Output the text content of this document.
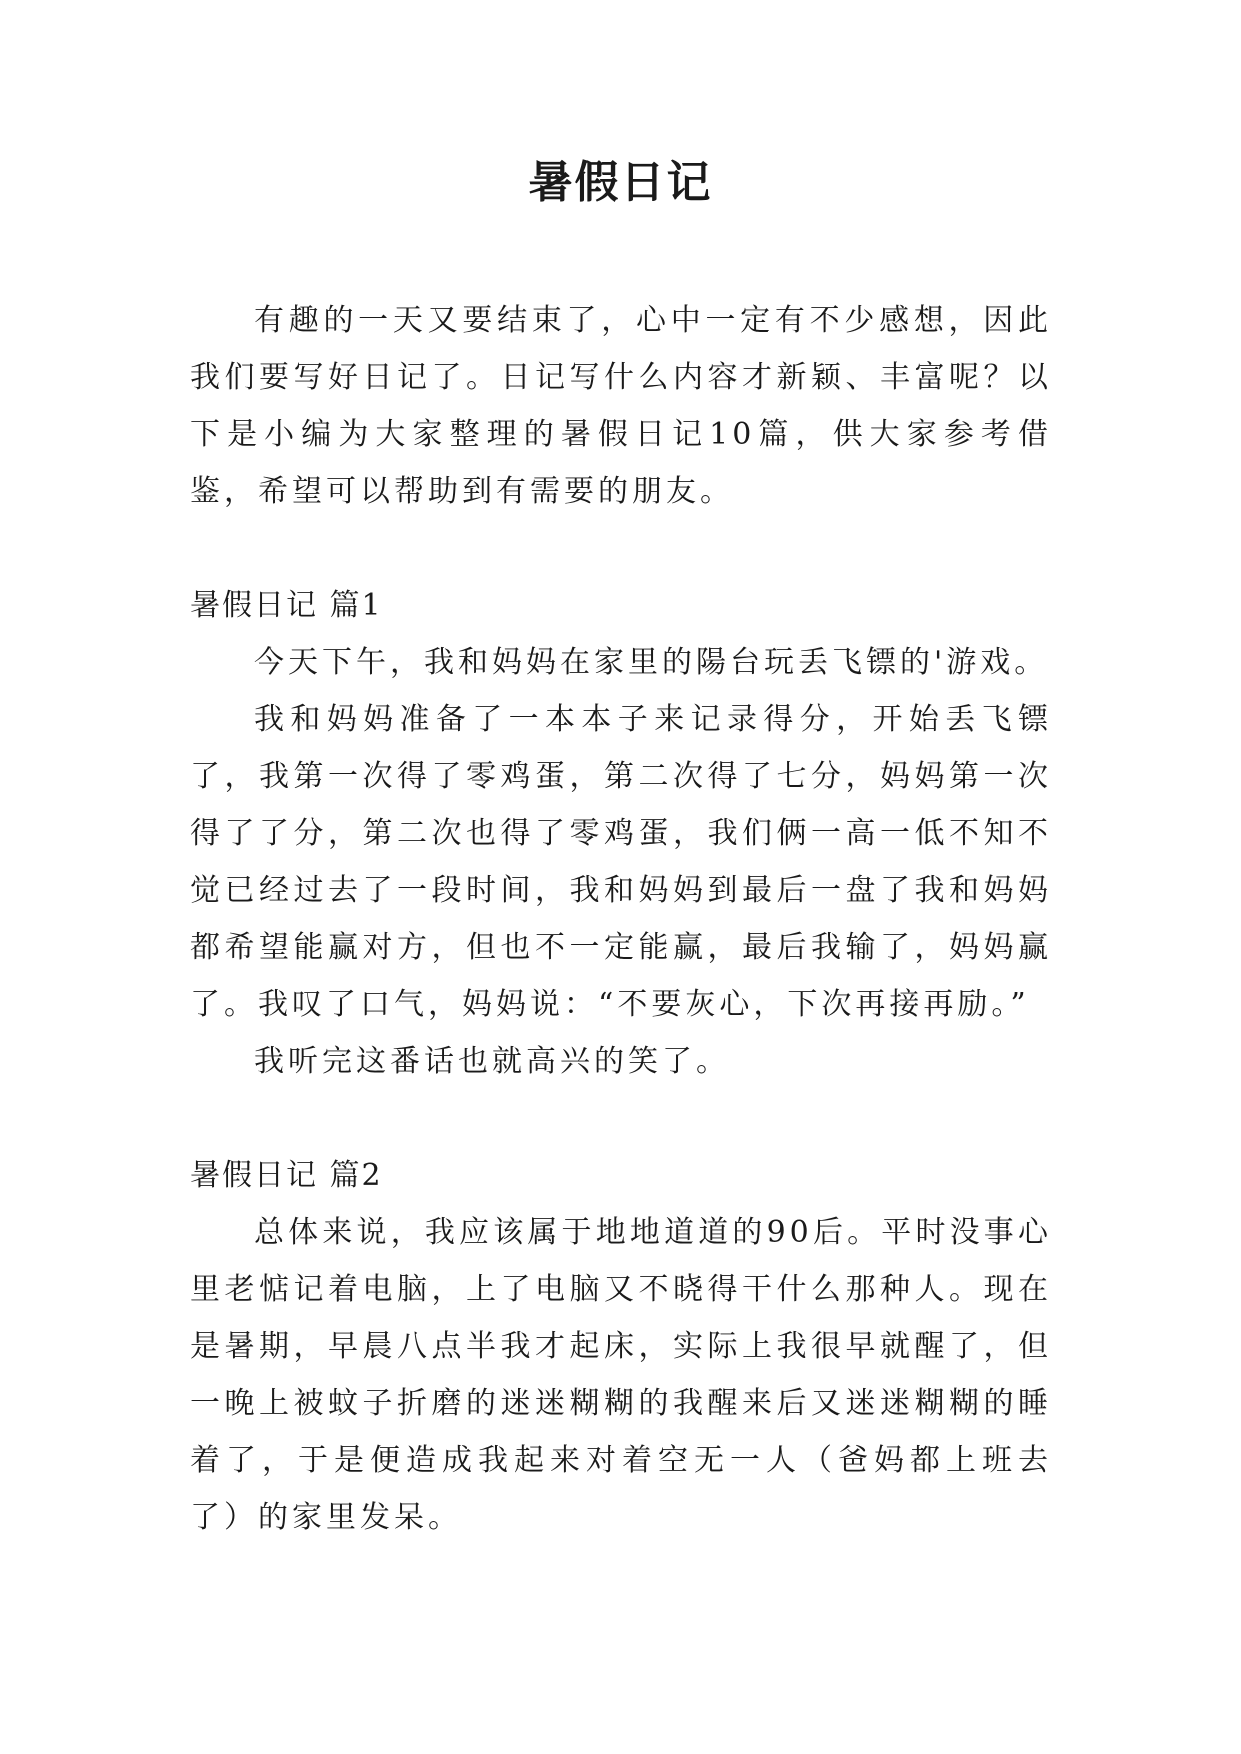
暑假日记

有趣的一天又要结束了，心中一定有不少感想，因此我们要写好日记了。日记写什么内容才新颖、丰富呢？以下是小编为大家整理的暑假日记10篇，供大家参考借鉴，希望可以帮助到有需要的朋友。

暑假日记 篇1

今天下午，我和妈妈在家里的陽台玩丢飞镖的'游戏。

我和妈妈准备了一本本子来记录得分，开始丢飞镖了，我第一次得了零鸡蛋，第二次得了七分，妈妈第一次得了了分，第二次也得了零鸡蛋，我们俩一高一低不知不觉已经过去了一段时间，我和妈妈到最后一盘了我和妈妈都希望能赢对方，但也不一定能赢，最后我输了，妈妈赢了。我叹了口气，妈妈说：“不要灰心，下次再接再励。”

我听完这番话也就高兴的笑了。

暑假日记 篇2

总体来说，我应该属于地地道道的90后。平时没事心里老惦记着电脑，上了电脑又不晓得干什么那种人。现在是暑期，早晨八点半我才起床，实际上我很早就醒了，但一晚上被蚊子折磨的迷迷糊糊的我醒来后又迷迷糊糊的睡着了，于是便造成我起来对着空无一人（爸妈都上班去了）的家里发呆。
